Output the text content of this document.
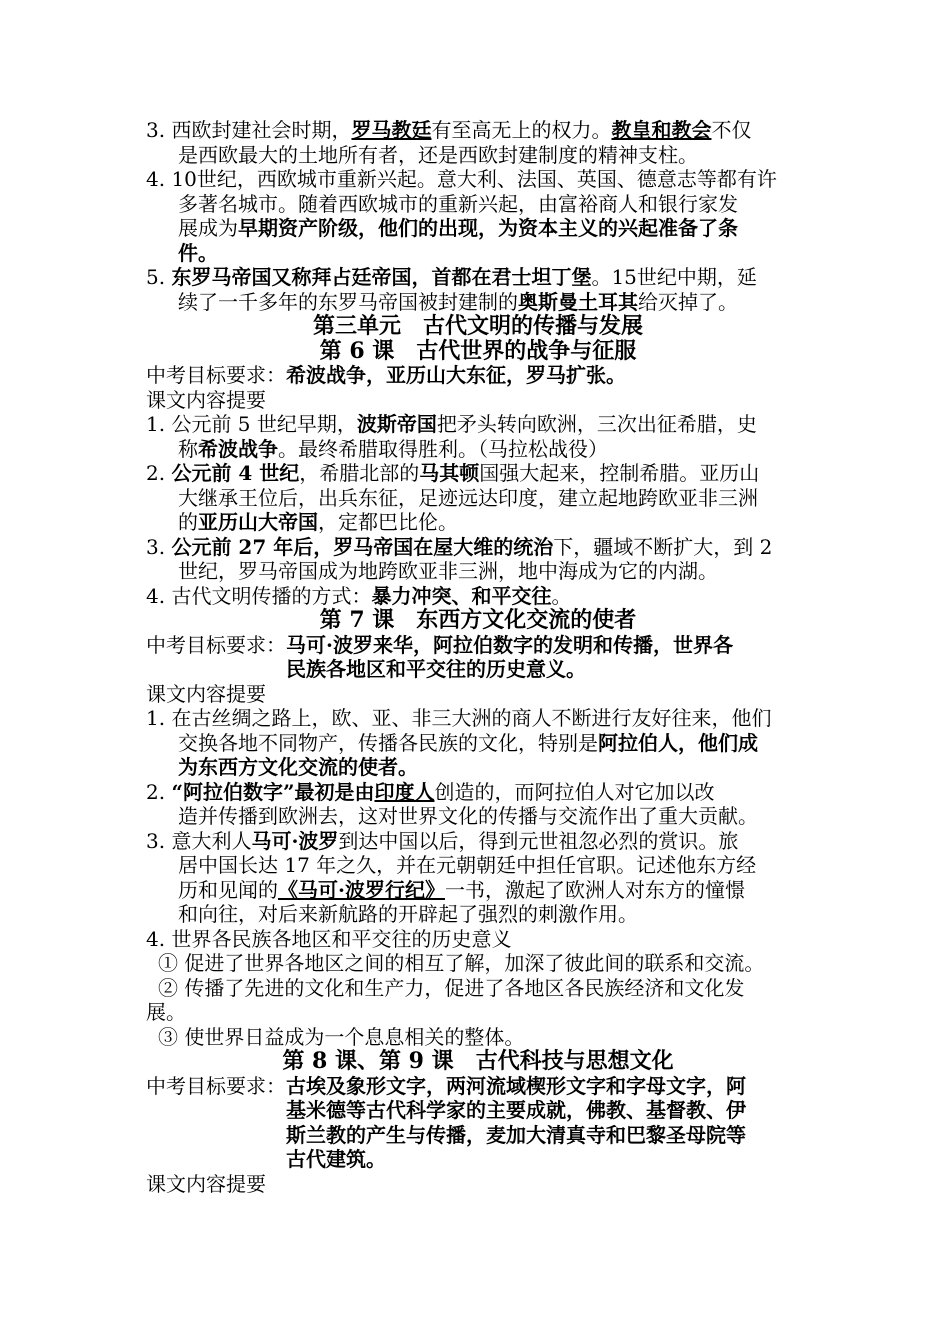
3. 西欧封建社会时期，罗马教廷有至高无上的权力。教皇和教会不仅
是西欧最大的土地所有者，还是西欧封建制度的精神支柱。
4. 10世纪，西欧城市重新兴起。意大利、法国、英国、德意志等都有许
多著名城市。随着西欧城市的重新兴起，由富裕商人和银行家发
展成为早期资产阶级，他们的出现，为资本主义的兴起准备了条
件。
5. 东罗马帝国又称拜占廷帝国，首都在君士坦丁堡。15世纪中期，延
续了一千多年的东罗马帝国被封建制的奥斯曼土耳其给灭掉了。
第三单元　古代文明的传播与发展
第 6 课　古代世界的战争与征服
中考目标要求：希波战争，亚历山大东征，罗马扩张。
课文内容提要
1. 公元前 5 世纪早期，波斯帝国把矛头转向欧洲，三次出征希腊，史
称希波战争。最终希腊取得胜利。（马拉松战役）
2. 公元前 4 世纪，希腊北部的马其顿国强大起来，控制希腊。亚历山
大继承王位后，出兵东征，足迹远达印度，建立起地跨欧亚非三洲
的亚历山大帝国，定都巴比伦。
3. 公元前 27 年后，罗马帝国在屋大维的统治下，疆域不断扩大，到 2
世纪，罗马帝国成为地跨欧亚非三洲，地中海成为它的内湖。
4. 古代文明传播的方式：暴力冲突、和平交往。
第 7 课　东西方文化交流的使者
中考目标要求： 马可·波罗来华，阿拉伯数字的发明和传播，世界各
民族各地区和平交往的历史意义。
课文内容提要
1. 在古丝绸之路上，欧、亚、非三大洲的商人不断进行友好往来，他们
交换各地不同物产，传播各民族的文化，特别是阿拉伯人，他们成
为东西方文化交流的使者。
2. “阿拉伯数字”最初是由印度人创造的，而阿拉伯人对它加以改
造并传播到欧洲去，这对世界文化的传播与交流作出了重大贡献。
3. 意大利人马可·波罗到达中国以后，得到元世祖忽必烈的赏识。旅
居中国长达 17 年之久，并在元朝朝廷中担任官职。记述他东方经
历和见闻的《马可·波罗行纪》一书，激起了欧洲人对东方的憧憬
和向往，对后来新航路的开辟起了强烈的刺激作用。
4. 世界各民族各地区和平交往的历史意义
① 促进了世界各地区之间的相互了解，加深了彼此间的联系和交流。
② 传播了先进的文化和生产力，促进了各地区各民族经济和文化发
展。
③ 使世界日益成为一个息息相关的整体。
第 8 课、第 9 课　古代科技与思想文化
中考目标要求： 古埃及象形文字，两河流域楔形文字和字母文字，阿
基米德等古代科学家的主要成就，佛教、基督教、伊
斯兰教的产生与传播，麦加大清真寺和巴黎圣母院等
古代建筑。
课文内容提要
